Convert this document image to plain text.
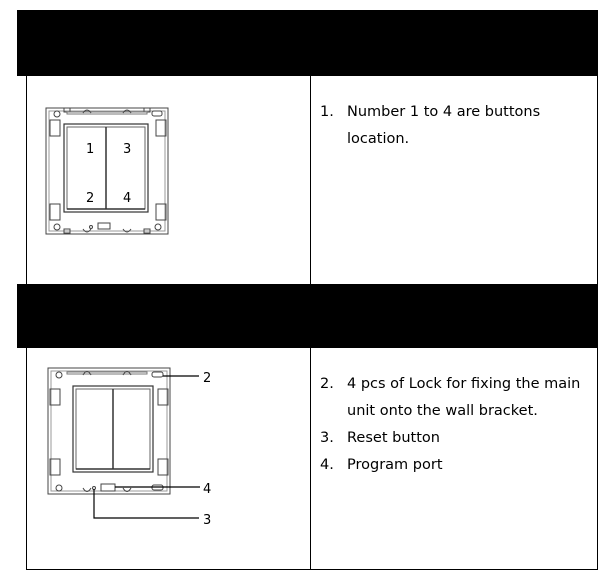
1 3
2 4
1. Number 1 to 4 are buttons location.
2
4
3
2. 4 pcs of Lock for fixing the main
unit onto the wall bracket.
3. Reset button
4. Program port
